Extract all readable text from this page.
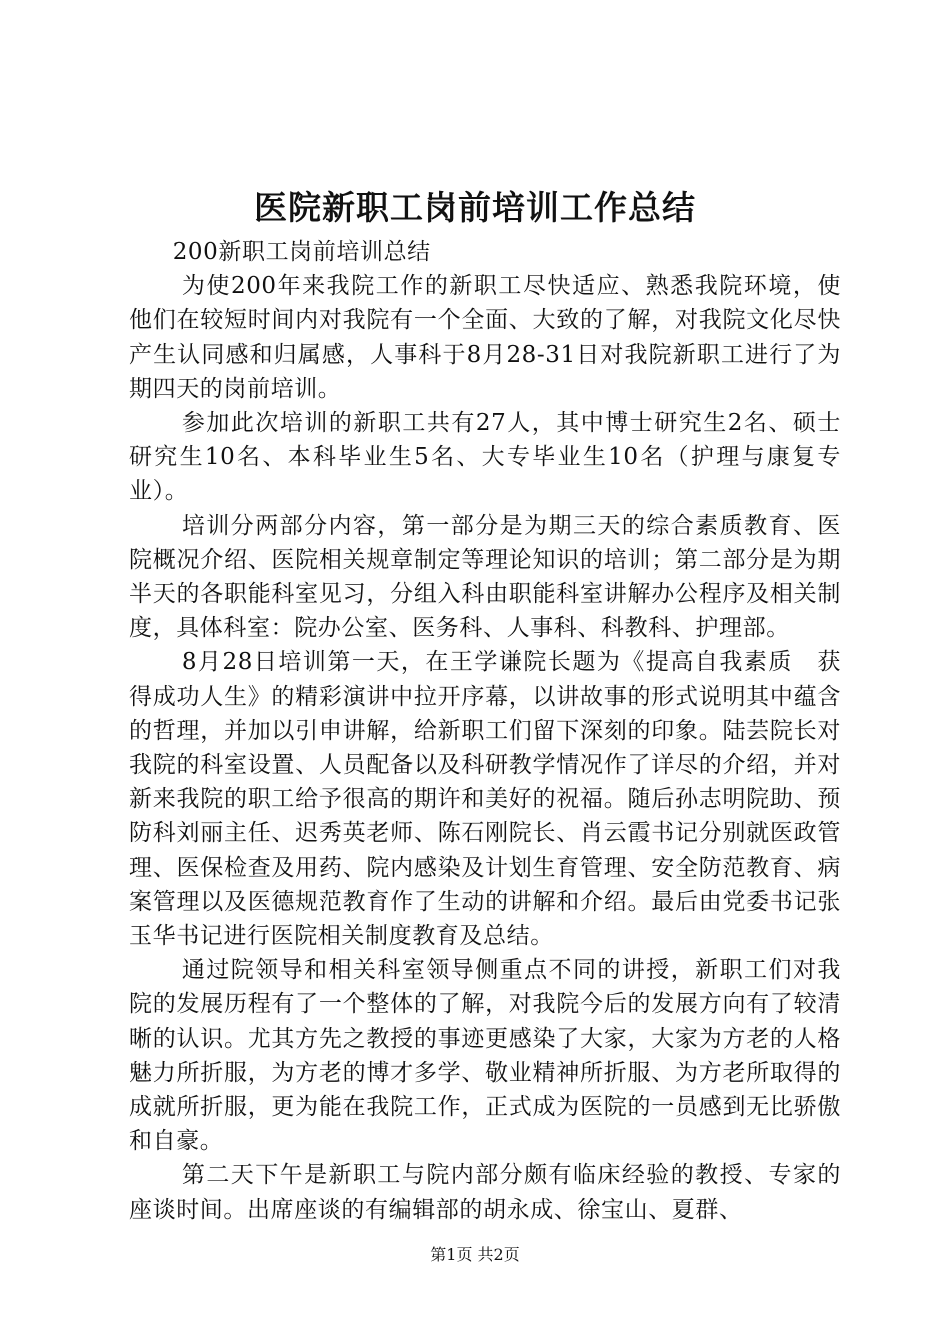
医院新职工岗前培训工作总结

200新职工岗前培训总结

为使200年来我院工作的新职工尽快适应、熟悉我院环境，使他们在较短时间内对我院有一个全面、大致的了解，对我院文化尽快产生认同感和归属感，人事科于8月28-31日对我院新职工进行了为期四天的岗前培训。

参加此次培训的新职工共有27人，其中博士研究生2名、硕士研究生10名、本科毕业生5名、大专毕业生10名（护理与康复专业）。

培训分两部分内容，第一部分是为期三天的综合素质教育、医院概况介绍、医院相关规章制定等理论知识的培训；第二部分是为期半天的各职能科室见习，分组入科由职能科室讲解办公程序及相关制度，具体科室：院办公室、医务科、人事科、科教科、护理部。

8月28日培训第一天，在王学谦院长题为《提高自我素质　获得成功人生》的精彩演讲中拉开序幕，以讲故事的形式说明其中蕴含的哲理，并加以引申讲解，给新职工们留下深刻的印象。陆芸院长对我院的科室设置、人员配备以及科研教学情况作了详尽的介绍，并对新来我院的职工给予很高的期许和美好的祝福。随后孙志明院助、预防科刘丽主任、迟秀英老师、陈石刚院长、肖云霞书记分别就医政管理、医保检查及用药、院内感染及计划生育管理、安全防范教育、病案管理以及医德规范教育作了生动的讲解和介绍。最后由党委书记张玉华书记进行医院相关制度教育及总结。

通过院领导和相关科室领导侧重点不同的讲授，新职工们对我院的发展历程有了一个整体的了解，对我院今后的发展方向有了较清晰的认识。尤其方先之教授的事迹更感染了大家，大家为方老的人格魅力所折服，为方老的博才多学、敬业精神所折服、为方老所取得的成就所折服，更为能在我院工作，正式成为医院的一员感到无比骄傲和自豪。

第二天下午是新职工与院内部分颇有临床经验的教授、专家的座谈时间。出席座谈的有编辑部的胡永成、徐宝山、夏群、

第1页 共2页
